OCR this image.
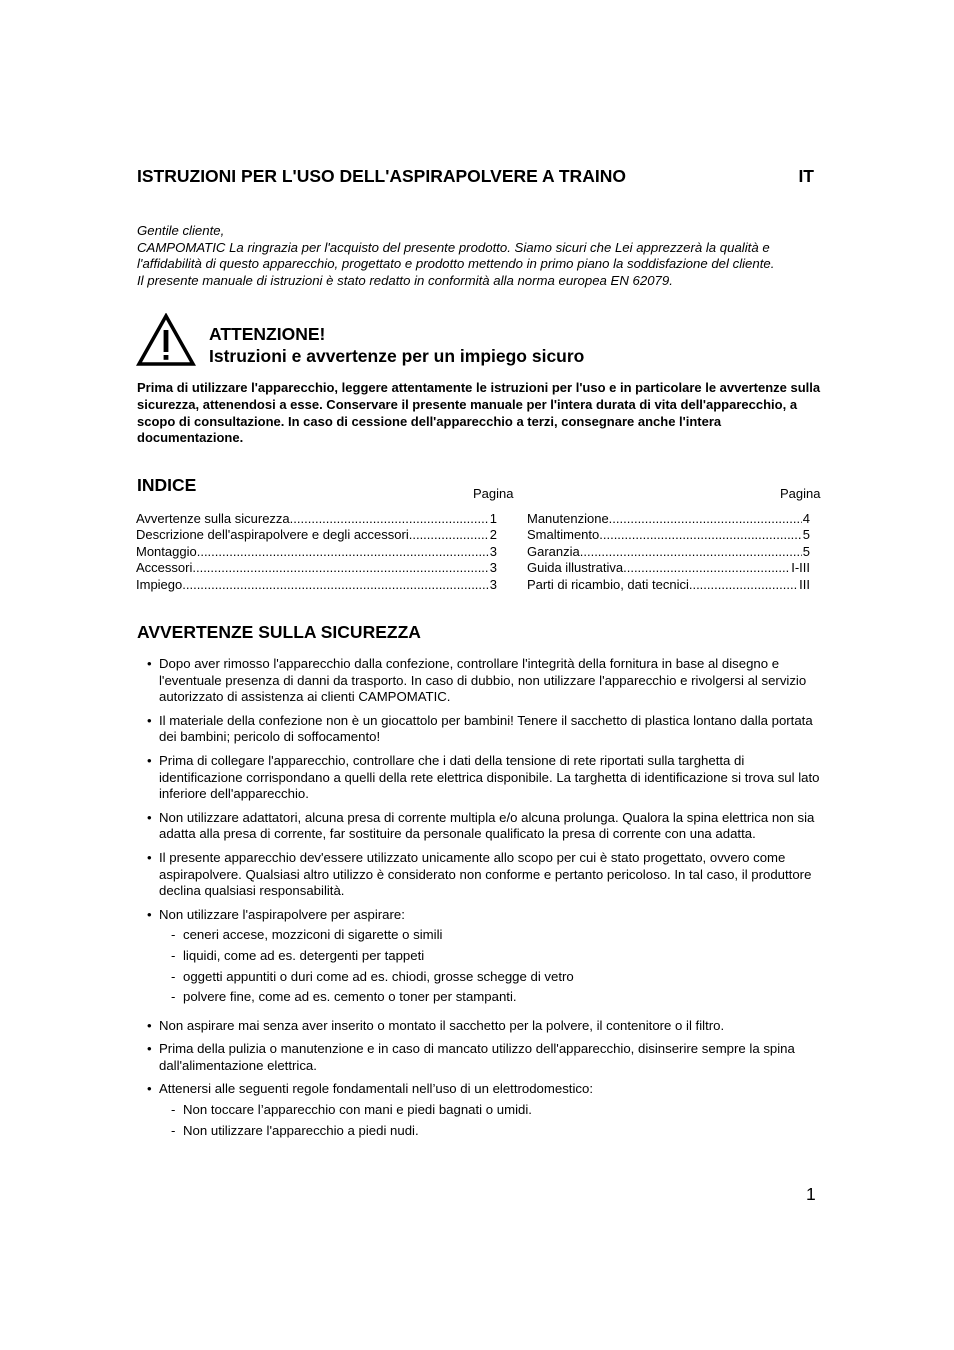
ISTRUZIONI PER L'USO DELL'ASPIRAPOLVERE A TRAINO	IT
Gentile cliente,
CAMPOMATIC La ringrazia per l'acquisto del presente prodotto. Siamo sicuri che Lei apprezzerà la qualità e l'affidabilità di questo apparecchio, progettato e prodotto mettendo in primo piano la soddisfazione del cliente.
Il presente manuale di istruzioni è stato redatto in conformità alla norma europea EN 62079.
ATTENZIONE!
Istruzioni e avvertenze per un impiego sicuro
Prima di utilizzare l'apparecchio, leggere attentamente le istruzioni per l'uso e in particolare le avvertenze sulla sicurezza, attenendosi a esse. Conservare il presente manuale per l'intera durata di vita dell'apparecchio, a scopo di consultazione. In caso di cessione dell'apparecchio a terzi, consegnare anche l'intera documentazione.
INDICE	Pagina	Pagina
Avvertenze sulla sicurezza .....	1
Descrizione dell'aspirapolvere e degli accessori .....	2
Montaggio .....	3
Accessori .....	3
Impiego .....	3
Manutenzione .....	4
Smaltimento .....	5
Garanzia .....	5
Guida illustrativa .....	I-III
Parti di ricambio, dati tecnici .....	III
AVVERTENZE SULLA SICUREZZA
• Dopo aver rimosso l'apparecchio dalla confezione, controllare l'integrità della fornitura in base al disegno e l'eventuale presenza di danni da trasporto. In caso di dubbio, non utilizzare l'apparecchio e rivolgersi al servizio autorizzato di assistenza ai clienti CAMPOMATIC.
• Il materiale della confezione non è un giocattolo per bambini! Tenere il sacchetto di plastica lontano dalla portata dei bambini; pericolo di soffocamento!
• Prima di collegare l'apparecchio, controllare che i dati della tensione di rete riportati sulla targhetta di identificazione corrispondano a quelli della rete elettrica disponibile. La targhetta di identificazione si trova sul lato inferiore dell'apparecchio.
• Non utilizzare adattatori, alcuna presa di corrente multipla e/o alcuna prolunga. Qualora la spina elettrica non sia adatta alla presa di corrente, far sostituire da personale qualificato la presa di corrente con una adatta.
• Il presente apparecchio dev'essere utilizzato unicamente allo scopo per cui è stato progettato, ovvero come aspirapolvere. Qualsiasi altro utilizzo è considerato non conforme e pertanto pericoloso. In tal caso, il produttore declina qualsiasi responsabilità.
• Non utilizzare l'aspirapolvere per aspirare:
- ceneri accese, mozziconi di sigarette o simili
- liquidi, come ad es. detergenti per tappeti
- oggetti appuntiti o duri come ad es. chiodi, grosse schegge di vetro
- polvere fine, come ad es. cemento o toner per stampanti.
• Non aspirare mai senza aver inserito o montato il sacchetto per la polvere, il contenitore o il filtro.
• Prima della pulizia o manutenzione e in caso di mancato utilizzo dell'apparecchio, disinserire sempre la spina dall'alimentazione elettrica.
• Attenersi alle seguenti regole fondamentali nell’uso di un elettrodomestico:
- Non toccare l’apparecchio con mani e piedi bagnati o umidi.
- Non utilizzare l'apparecchio a piedi nudi.
1
